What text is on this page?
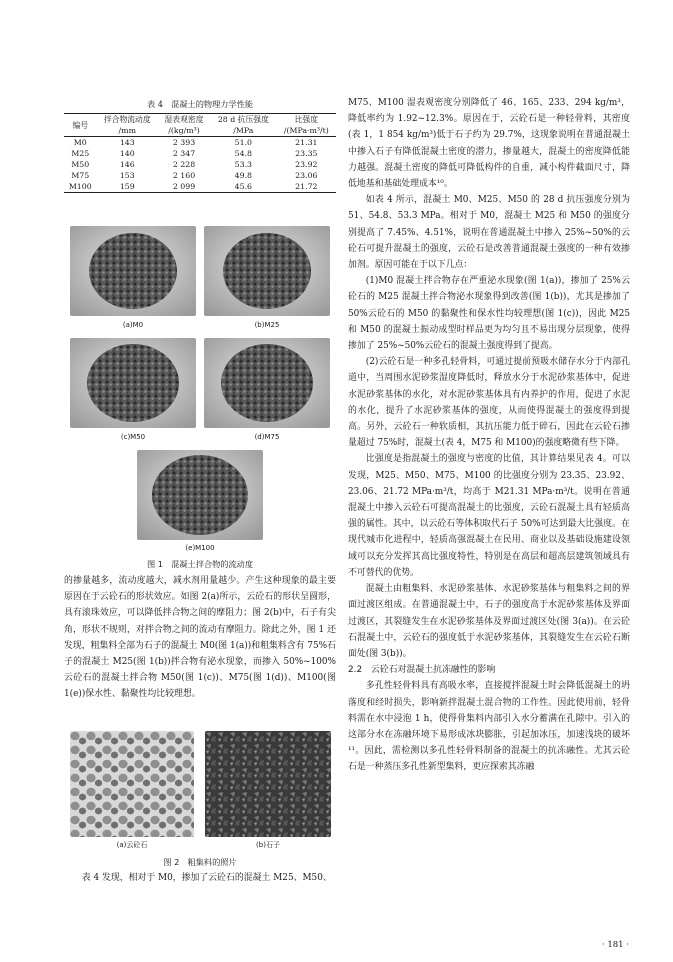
表 4　混凝土的物理力学性能
编号	拌合物流动度	湿表观密度	28 d 抗压强度	比强度
	/mm	/(kg/m³)	/MPa	/(MPa·m³/t)
M0	143	2 393	51.0	21.31
M25	140	2 347	54.8	23.35
M50	146	2 228	53.3	23.92
M75	153	2 160	49.8	23.06
M100	159	2 099	45.6	21.72
(a)M0	(b)M25
(c)M50	(d)M75
(e)M100
图 1　混凝土拌合物的流动度

的掺量越多，流动度越大，减水剂用量越少。产生这种现象的最主要原因在于云砼石的形状效应。如图 2(a)所示，云砼石的形状呈圆形，具有滚珠效应，可以降低拌合物之间的摩阻力；图 2(b)中，石子有尖角，形状不规则，对拌合物之间的流动有摩阻力。除此之外，图 1 还发现，粗集料全部为石子的混凝土 M0(图 1(a))和粗集料含有 75%石子的混凝土 M25(图 1(b))拌合物有泌水现象，而掺入 50%~100%云砼石的混凝土拌合物 M50(图 1(c))、M75(图 1(d))、M100(图 1(e))保水性、黏聚性均比较理想。

(a)云砼石	(b)石子
图 2　粗集料的照片

表 4 发现，相对于 M0，掺加了云砼石的混凝土 M25、M50、

M75、M100 湿表观密度分别降低了 46、165、233、294 kg/m³，降低率约为 1.92~12.3%。原因在于，云砼石是一种轻骨料，其密度(表 1，1 854 kg/m³)低于石子约为 29.7%，这现象说明在普通混凝土中掺入石子有降低混凝土密度的潜力，掺量越大，混凝土的密度降低能力越强。混凝土密度的降低可降低构件的自重，减小构件截面尺寸，降低地基和基础处理成本¹⁰。

如表 4 所示，混凝土 M0、M25、M50 的 28 d 抗压强度分别为 51、54.8、53.3 MPa。相对于 M0，混凝土 M25 和 M50 的强度分别提高了 7.45%、4.51%，说明在普通混凝土中掺入 25%~50%的云砼石可提升混凝土的强度，云砼石是改善普通混凝土强度的一种有效掺加剂。原因可能在于以下几点：

(1)M0 混凝土拌合物存在严重泌水现象(图 1(a))，掺加了 25%云砼石的 M25 混凝土拌合物泌水现象得到改善(图 1(b))，尤其是掺加了 50%云砼石的 M50 的黏聚性和保水性均较理想(图 1(c))，因此 M25 和 M50 的混凝土振动成型时样品更为均匀且不易出现分层现象，使得掺加了 25%~50%云砼石的混凝土强度得到了提高。

(2)云砼石是一种多孔轻骨料，可通过提前预吸水储存水分于内部孔道中，当周围水泥砂浆湿度降低时，释放水分于水泥砂浆基体中，促进水泥砂浆基体的水化，对水泥砂浆基体具有内养护的作用，促进了水泥的水化，提升了水泥砂浆基体的强度，从而使得混凝土的强度得到提高。另外，云砼石一种软质相，其抗压能力低于碎石，因此在云砼石掺量超过 75%时，混凝土(表 4，M75 和 M100)的强度略微有些下降。

比强度是指混凝土的强度与密度的比值，其计算结果见表 4。可以发现，M25、M50、M75、M100 的比强度分别为 23.35、23.92、23.06、21.72 MPa·m³/t，均高于 M21.31 MPa·m³/t。说明在普通混凝土中掺入云砼石可提高混凝土的比强度，云砼石混凝土具有轻质高强的属性。其中，以云砼石等体积取代石子 50%可达到最大比强度。在现代城市化进程中，轻质高强混凝土在民用、商业以及基础设施建设领域可以充分发挥其高比强度特性，特别是在高层和超高层建筑领域具有不可替代的优势。

混凝土由粗集料、水泥砂浆基体、水泥砂浆基体与粗集料之间的界面过渡区组成。在普通混凝土中，石子的强度高于水泥砂浆基体及界面过渡区，其裂缝发生在水泥砂浆基体及界面过渡区处(图 3(a))。在云砼石混凝土中，云砼石的强度低于水泥砂浆基体，其裂缝发生在云砼石断面处(图 3(b))。

2.2　云砼石对混凝土抗冻融性的影响

多孔性轻骨料具有高吸水率，直接搅拌混凝土时会降低混凝土的坍落度和经时损失，影响新拌混凝土混合物的工作性。因此使用前，轻骨料需在水中浸泡 1 h，使得骨集料内部引入水分蓄满在孔隙中。引入的这部分水在冻融环境下易形成冰块膨胀，引起加冰压，加速浅块的破坏¹¹。因此，需检测以多孔性轻骨料制备的混凝土的抗冻融性。尤其云砼石是一种蒸压多孔性新型集料，更应探索其冻融

· 181 ·
